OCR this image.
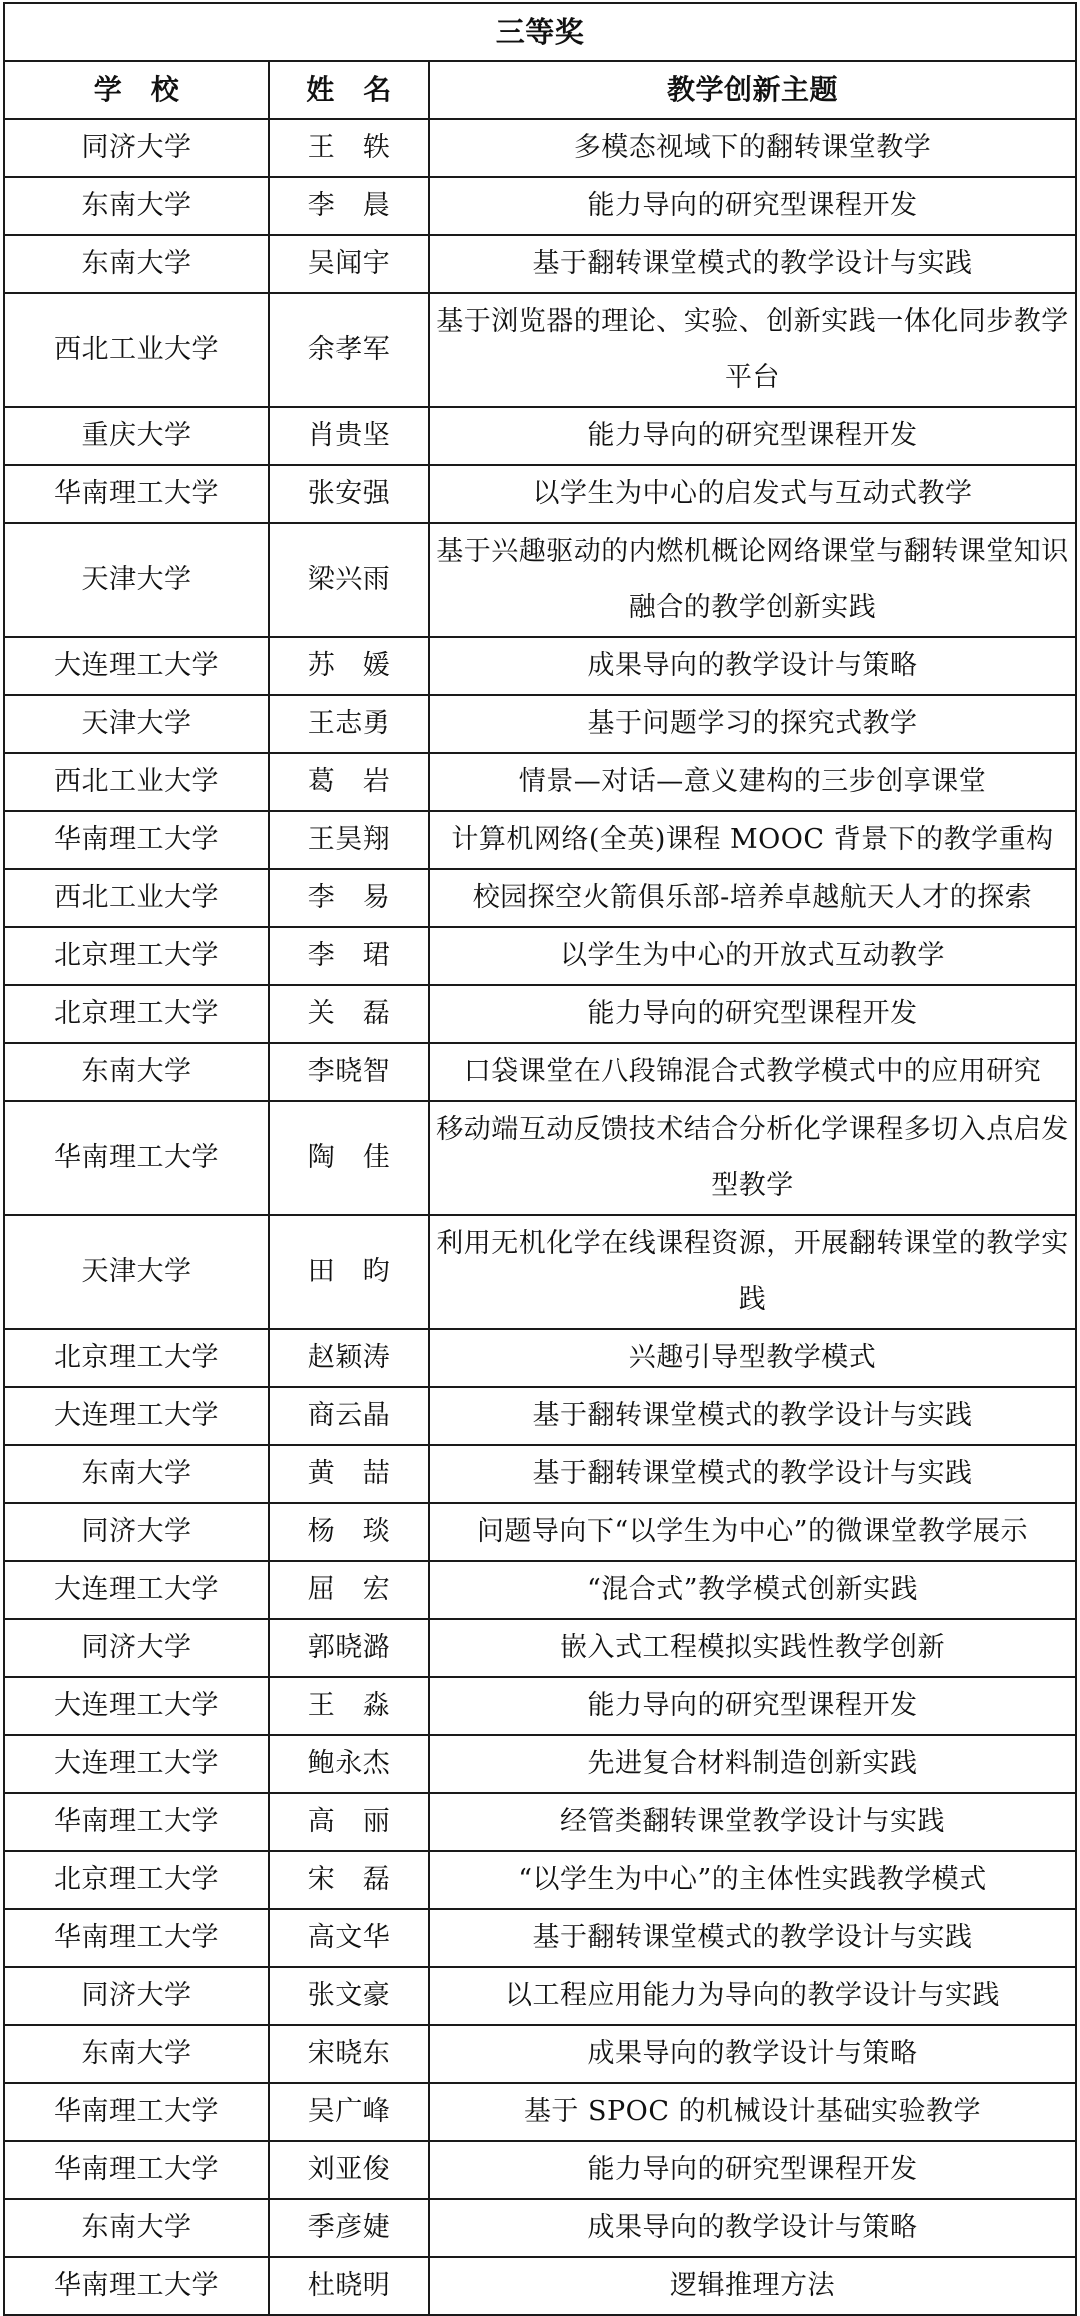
三等奖		
学　校	姓　名	教学创新主题
同济大学	王　轶	多模态视域下的翻转课堂教学
东南大学	李　晨	能力导向的研究型课程开发
东南大学	吴闻宇	基于翻转课堂模式的教学设计与实践
西北工业大学	余孝军	基于浏览器的理论、实验、创新实践一体化同步教学平台
重庆大学	肖贵坚	能力导向的研究型课程开发
华南理工大学	张安强	以学生为中心的启发式与互动式教学
天津大学	梁兴雨	基于兴趣驱动的内燃机概论网络课堂与翻转课堂知识融合的教学创新实践
大连理工大学	苏　媛	成果导向的教学设计与策略
天津大学	王志勇	基于问题学习的探究式教学
西北工业大学	葛　岩	情景—对话—意义建构的三步创享课堂
华南理工大学	王昊翔	计算机网络(全英)课程 MOOC 背景下的教学重构
西北工业大学	李　易	校园探空火箭俱乐部-培养卓越航天人才的探索
北京理工大学	李　珺	以学生为中心的开放式互动教学
北京理工大学	关　磊	能力导向的研究型课程开发
东南大学	李晓智	口袋课堂在八段锦混合式教学模式中的应用研究
华南理工大学	陶　佳	移动端互动反馈技术结合分析化学课程多切入点启发型教学
天津大学	田　昀	利用无机化学在线课程资源，开展翻转课堂的教学实践
北京理工大学	赵颖涛	兴趣引导型教学模式
大连理工大学	商云晶	基于翻转课堂模式的教学设计与实践
东南大学	黄　喆	基于翻转课堂模式的教学设计与实践
同济大学	杨　琰	问题导向下“以学生为中心”的微课堂教学展示
大连理工大学	屈　宏	“混合式”教学模式创新实践
同济大学	郭晓潞	嵌入式工程模拟实践性教学创新
大连理工大学	王　淼	能力导向的研究型课程开发
大连理工大学	鲍永杰	先进复合材料制造创新实践
华南理工大学	高　丽	经管类翻转课堂教学设计与实践
北京理工大学	宋　磊	“以学生为中心”的主体性实践教学模式
华南理工大学	高文华	基于翻转课堂模式的教学设计与实践
同济大学	张文豪	以工程应用能力为导向的教学设计与实践
东南大学	宋晓东	成果导向的教学设计与策略
华南理工大学	吴广峰	基于 SPOC 的机械设计基础实验教学
华南理工大学	刘亚俊	能力导向的研究型课程开发
东南大学	季彦婕	成果导向的教学设计与策略
华南理工大学	杜晓明	逻辑推理方法
